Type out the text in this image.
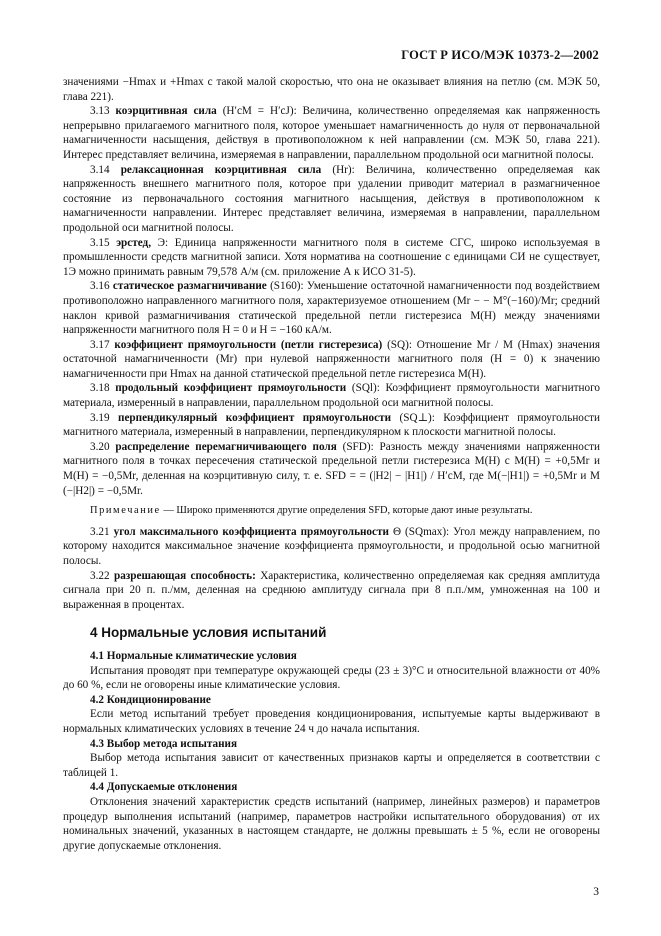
ГОСТ Р ИСО/МЭК 10373-2—2002

значениями −Hmax и +Hmax с такой малой скоростью, что она не оказывает влияния на петлю (см. МЭК 50, глава 221).

3.13 коэрцитивная сила (H′cM = H′cJ): Величина, количественно определяемая как напряженность непрерывно прилагаемого магнитного поля, которое уменьшает намагниченность до нуля от первоначальной намагниченности насыщения, действуя в противоположном к ней направлении (см. МЭК 50, глава 221). Интерес представляет величина, измеряемая в направлении, параллельном продольной оси магнитной полосы.

3.14 релаксационная коэрцитивная сила (Hr): Величина, количественно определяемая как напряженность внешнего магнитного поля, которое при удалении приводит материал в размагниченное состояние из первоначального состояния магнитного насыщения, действуя в противоположном к намагниченности направлении. Интерес представляет величина, измеряемая в направлении, параллельном продольной оси магнитной полосы.

3.15 эрстед, Э: Единица напряженности магнитного поля в системе СГС, широко используемая в промышленности средств магнитной записи. Хотя норматива на соотношение с единицами СИ не существует, 1Э можно принимать равным 79,578 А/м (см. приложение А к ИСО 31-5).

3.16 статическое размагничивание (S160): Уменьшение остаточной намагниченности под воздействием противоположно направленного магнитного поля, характеризуемое отношением (Mr − − M°(−160)/Mr; средний наклон кривой размагничивания статической предельной петли гистерезиса M(H) между значениями напряженности магнитного поля H = 0 и H = −160 кА/м.

3.17 коэффициент прямоугольности (петли гистерезиса) (SQ): Отношение Mr / M (Hmax) значения остаточной намагниченности (Mr) при нулевой напряженности магнитного поля (H = 0) к значению намагниченности при Hmax на данной статической предельной петле гистерезиса M(H).

3.18 продольный коэффициент прямоугольности (SQl): Коэффициент прямоугольности магнитного материала, измеренный в направлении, параллельном продольной оси магнитной полосы.

3.19 перпендикулярный коэффициент прямоугольности (SQ⊥): Коэффициент прямоугольности магнитного материала, измеренный в направлении, перпендикулярном к плоскости магнитной полосы.

3.20 распределение перемагничивающего поля (SFD): Разность между значениями напряженности магнитного поля в точках пересечения статической предельной петли гистерезиса M(H) с M(H) = +0,5Mr и M(H) = −0,5Mr, деленная на коэрцитивную силу, т. е. SFD = = (|H2| − |H1|) / H′cM, где M(−|H1|) = +0,5Mr и M (−|H2|) = −0,5Mr.

Примечание — Широко применяются другие определения SFD, которые дают иные результаты.

3.21 угол максимального коэффициента прямоугольности Θ (SQmax): Угол между направлением, по которому находится максимальное значение коэффициента прямоугольности, и продольной осью магнитной полосы.

3.22 разрешающая способность: Характеристика, количественно определяемая как средняя амплитуда сигнала при 20 п. п./мм, деленная на среднюю амплитуду сигнала при 8 п.п./мм, умноженная на 100 и выраженная в процентах.

4 Нормальные условия испытаний

4.1 Нормальные климатические условия

Испытания проводят при температуре окружающей среды (23 ± 3)°С и относительной влажности от 40% до 60 %, если не оговорены иные климатические условия.

4.2 Кондиционирование

Если метод испытаний требует проведения кондиционирования, испытуемые карты выдерживают в нормальных климатических условиях в течение 24 ч до начала испытания.

4.3 Выбор метода испытания

Выбор метода испытания зависит от качественных признаков карты и определяется в соответствии с таблицей 1.

4.4 Допускаемые отклонения

Отклонения значений характеристик средств испытаний (например, линейных размеров) и параметров процедур выполнения испытаний (например, параметров настройки испытательного оборудования) от их номинальных значений, указанных в настоящем стандарте, не должны превышать ± 5 %, если не оговорены другие допускаемые отклонения.

3
